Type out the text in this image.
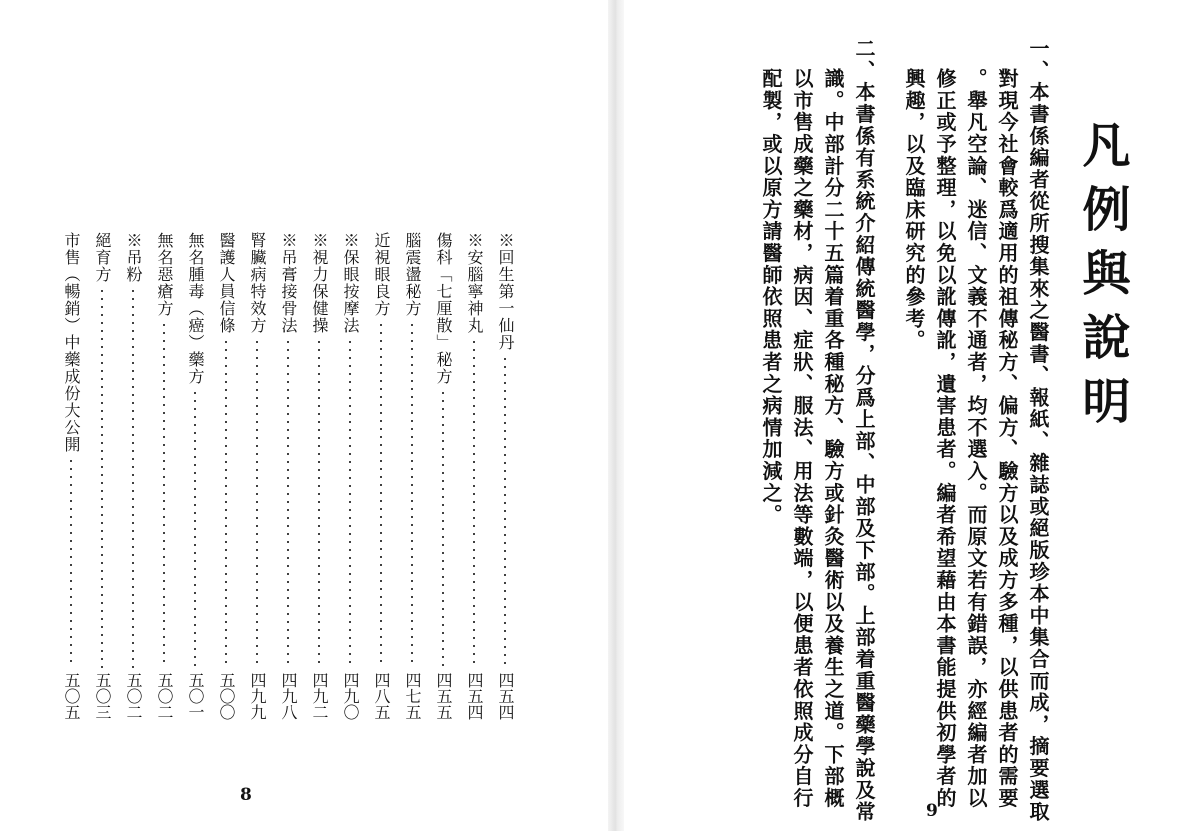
※回生第一仙丹
四五四
※安腦寧神丸
四五四
傷科「七厘散」秘方
四五五
腦震盪秘方
四七五
近視眼良方
四八五
※保眼按摩法
四九〇
※視力保健操
四九二
※吊膏接骨法
四九八
腎臟病特效方
四九九
醫護人員信條
五〇〇
無名腫毒（癌）藥方
五〇一
無名惡瘡方
五〇二
※吊粉
五〇二
絕育方
五〇三
市售（暢銷）中藥成份大公開
五〇五
8
凡例與說明
一、本書係編者從所搜集來之醫書、報紙、雜誌或絕版珍本中集合而成，摘要選取
對現今社會較爲適用的祖傳秘方、偏方、驗方以及成方多種，以供患者的需要
。舉凡空論、迷信、文義不通者，均不選入。而原文若有錯誤，亦經編者加以
修正或予整理，以免以訛傳訛，遺害患者。編者希望藉由本書能提供初學者的
興趣，以及臨床研究的參考。
二、本書係有系統介紹傳統醫學，分爲上部、中部及下部。上部着重醫藥學說及常
識。中部計分二十五篇着重各種秘方、驗方或針灸醫術以及養生之道。下部概
以市售成藥之藥材，病因、症狀、服法、用法等數端，以便患者依照成分自行
配製，或以原方請醫師依照患者之病情加減之。
9
